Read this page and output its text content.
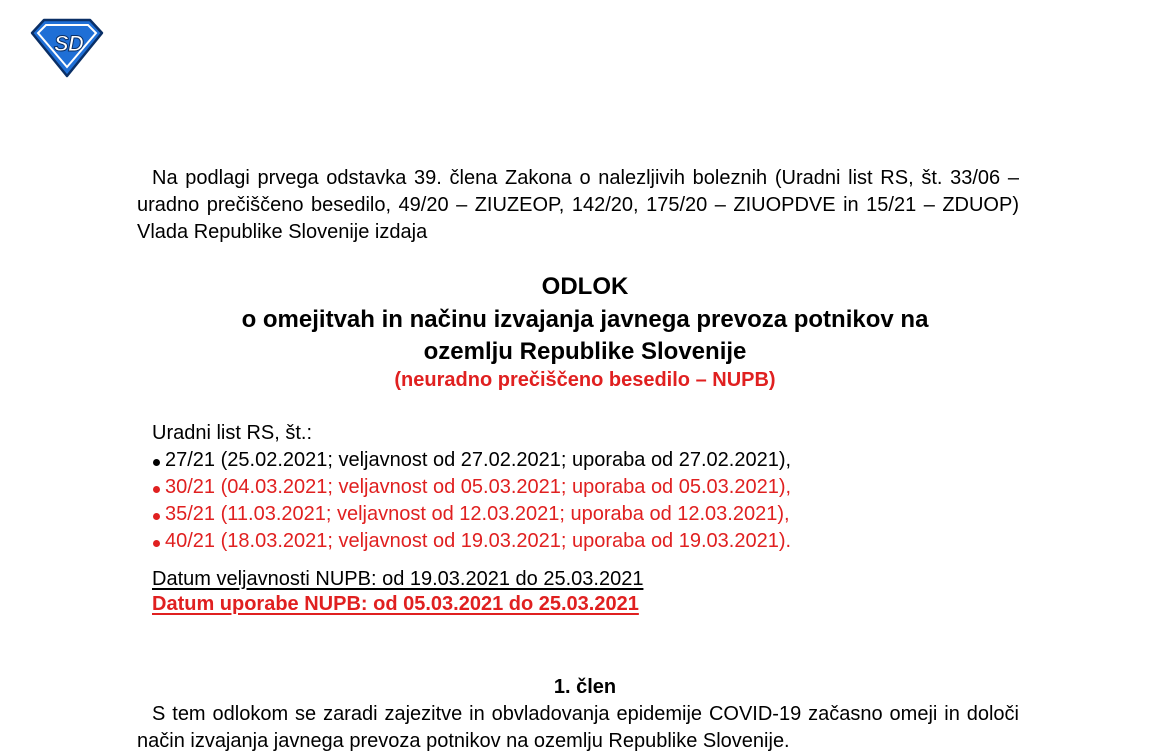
S D

Na podlagi prvega odstavka 39. člena Zakona o nalezljivih boleznih (Uradni list RS, št. 33/06 – uradno prečiščeno besedilo, 49/20 – ZIUZEOP, 142/20, 175/20 – ZIUOPDVE in 15/21 – ZDUOP) Vlada Republike Slovenije izdaja

ODLOK
o omejitvah in načinu izvajanja javnega prevoza potnikov na
ozemlju Republike Slovenije
(neuradno prečiščeno besedilo – NUPB)
Uradni list RS, št.:
27/21 (25.02.2021; veljavnost od 27.02.2021; uporaba od 27.02.2021),
30/21 (04.03.2021; veljavnost od 05.03.2021; uporaba od 05.03.2021),
35/21 (11.03.2021; veljavnost od 12.03.2021; uporaba od 12.03.2021),
40/21 (18.03.2021; veljavnost od 19.03.2021; uporaba od 19.03.2021).
Datum veljavnosti NUPB: od 19.03.2021 do 25.03.2021
Datum uporabe NUPB: od 05.03.2021 do 25.03.2021
1. člen

S tem odlokom se zaradi zajezitve in obvladovanja epidemije COVID-19 začasno omeji in določi način izvajanja javnega prevoza potnikov na ozemlju Republike Slovenije.
